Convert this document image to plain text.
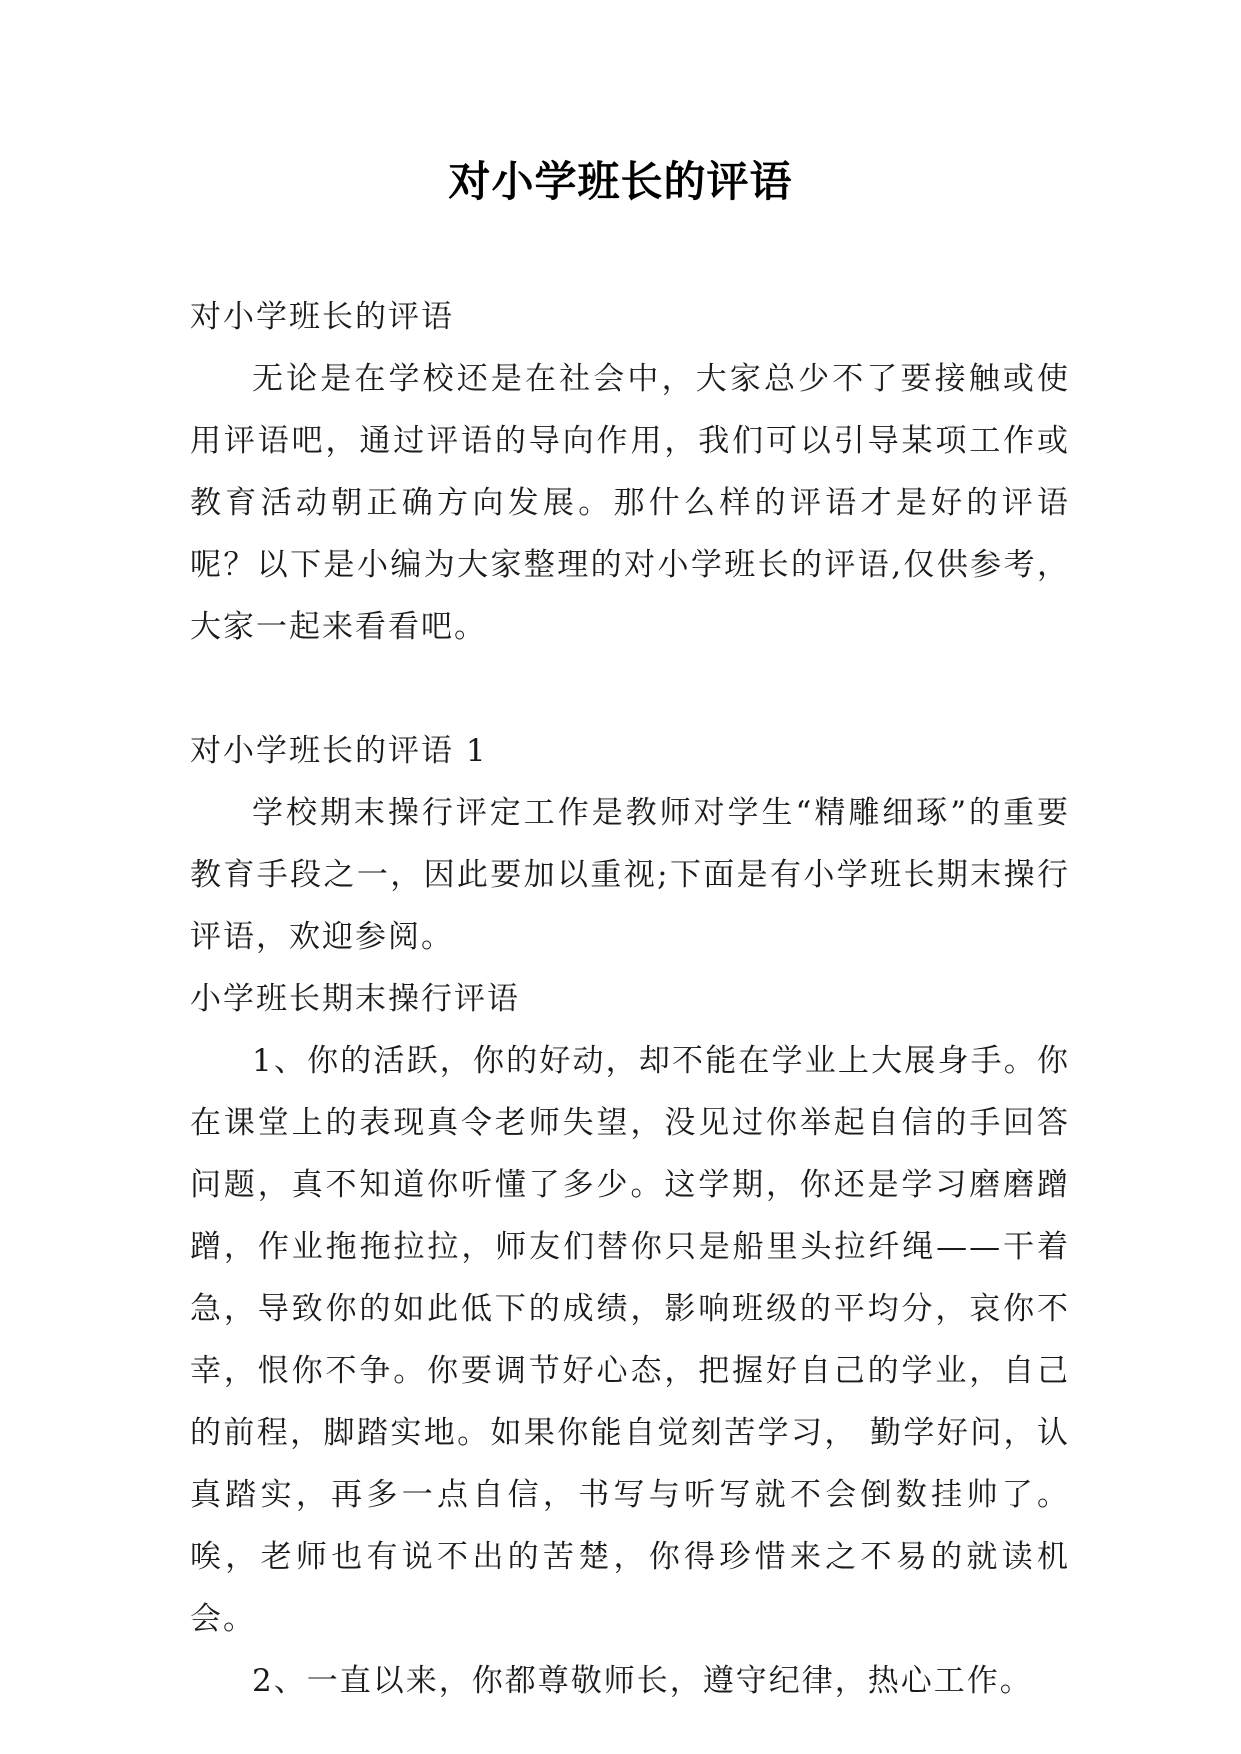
对小学班长的评语

对小学班长的评语

无论是在学校还是在社会中，大家总少不了要接触或使用评语吧，通过评语的导向作用，我们可以引导某项工作或教育活动朝正确方向发展。那什么样的评语才是好的评语呢？以下是小编为大家整理的对小学班长的评语,仅供参考，大家一起来看看吧。

对小学班长的评语 1

学校期末操行评定工作是教师对学生“精雕细琢”的重要教育手段之一，因此要加以重视;下面是有小学班长期末操行评语，欢迎参阅。

小学班长期末操行评语

1、你的活跃，你的好动，却不能在学业上大展身手。你在课堂上的表现真令老师失望，没见过你举起自信的手回答问题，真不知道你听懂了多少。这学期，你还是学习磨磨蹭蹭，作业拖拖拉拉，师友们替你只是船里头拉纤绳——干着急，导致你的如此低下的成绩，影响班级的平均分，哀你不幸，恨你不争。你要调节好心态，把握好自己的学业，自己的前程，脚踏实地。如果你能自觉刻苦学习， 勤学好问，认真踏实，再多一点自信，书写与听写就不会倒数挂帅了。唉，老师也有说不出的苦楚，你得珍惜来之不易的就读机会。

2、一直以来，你都尊敬师长，遵守纪律，热心工作。
